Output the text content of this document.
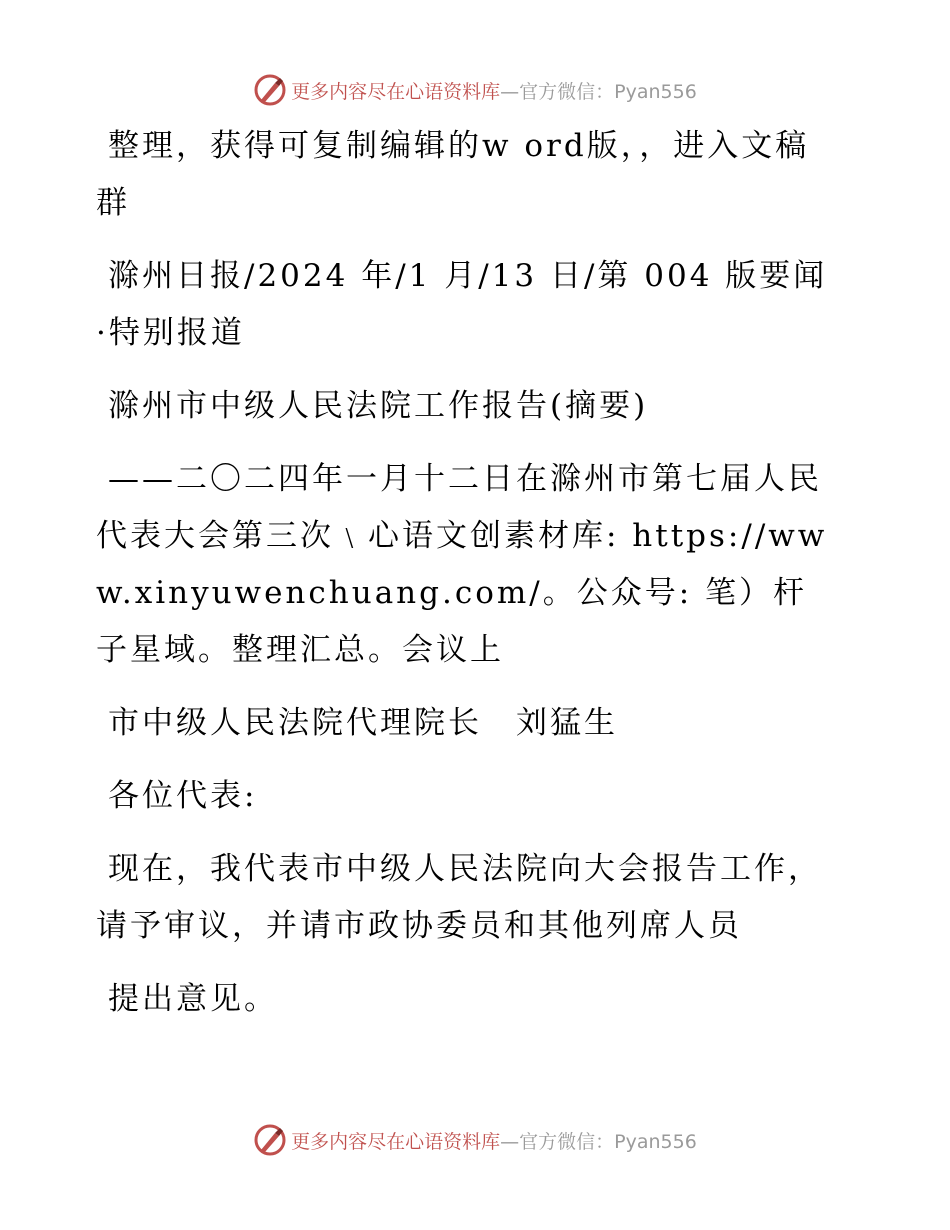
更多内容尽在心语资料库—官方微信：Pyan556

整理，获得可复制编辑的w ord版，，进入文稿群

滁州日报/2024 年/1 月/13 日/第 004 版要闻·特别报道

滁州市中级人民法院工作报告(摘要)

——二〇二四年一月十二日在滁州市第七届人民代表大会第三次﹨心语文创素材库: https://www.xinyuwenchuang.com/。公众号: 笔）杆子星域。整理汇总。会议上

市中级人民法院代理院长　刘猛生

各位代表:

现在，我代表市中级人民法院向大会报告工作，请予审议，并请市政协委员和其他列席人员

提出意见。

更多内容尽在心语资料库—官方微信：Pyan556
